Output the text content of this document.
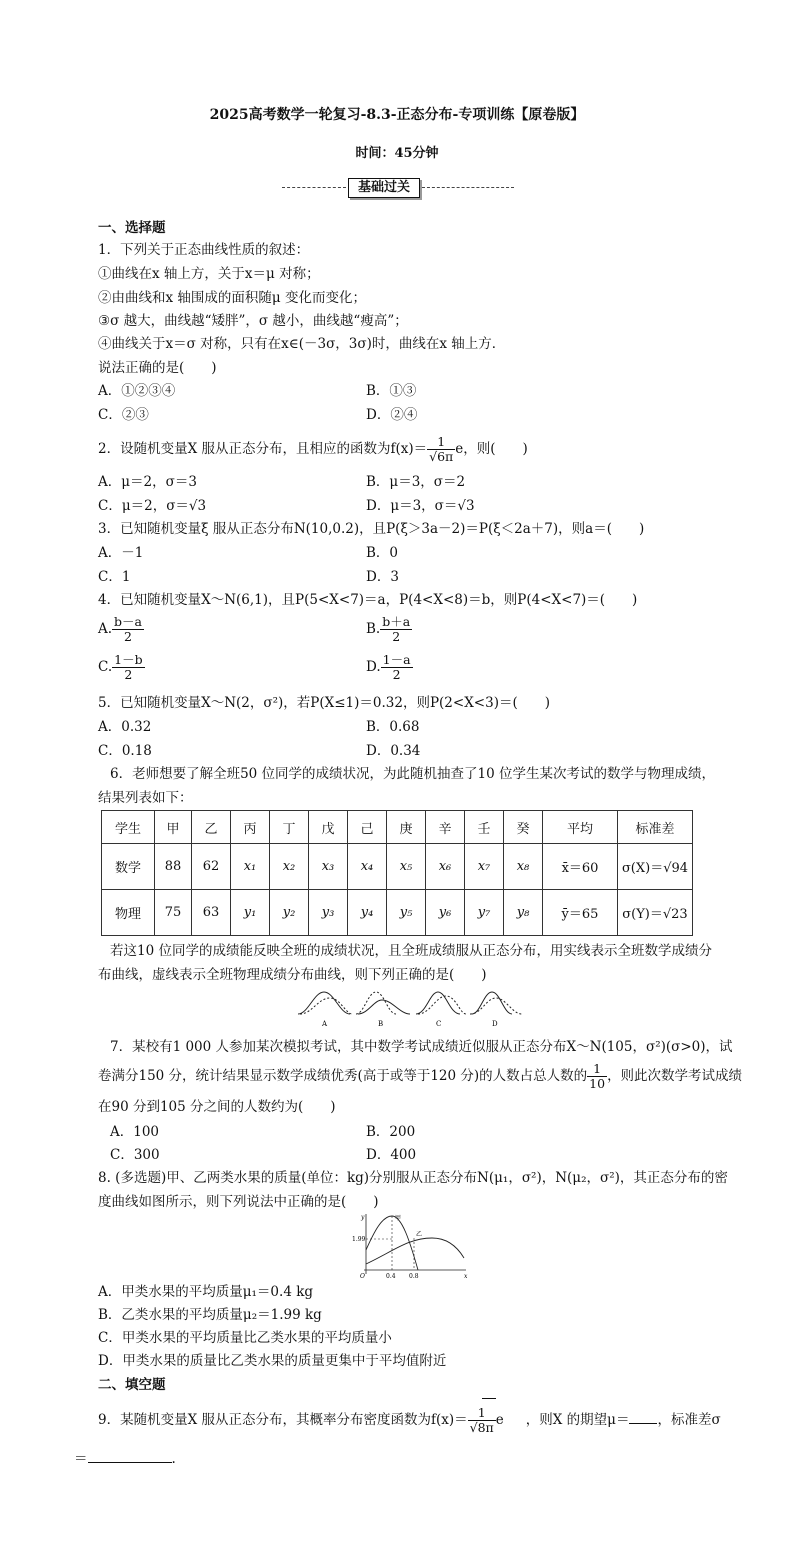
2025高考数学一轮复习-8.3-正态分布-专项训练【原卷版】
时间：45分钟
基础过关
一、选择题
1．下列关于正态曲线性质的叙述：
①曲线在x 轴上方，关于x＝μ 对称；
②由曲线和x 轴围成的面积随μ 变化而变化；
③σ 越大，曲线越“矮胖”，σ 越小，曲线越“瘦高”；
④曲线关于x＝σ 对称，只有在x∈(－3σ，3σ)时，曲线在x 轴上方．
说法正确的是(　　)
A．①②③④	B．①③
C．②③	D．②④
2．设随机变量X 服从正态分布，且相应的函数为$f(x)= \frac{1}{√6\pi}$ e，则(　　)
A．μ＝2，σ＝3	B．μ＝3，σ＝2
C．μ＝2，σ＝√3	D．μ＝3，σ＝√3
3．已知随机变量ξ 服从正态分布N(10,0.2)，且P(ξ＞3a－2)＝P(ξ＜2a＋7)，则a＝(　　)
A．－1	B．0
C．1	D．3
4．已知随机变量X～N(6,1)，且P(5<X<7)＝a，P(4<X<8)＝b，则P(4<X<7)＝(　　)
A. $\frac{b-a}{2}$	B. $\frac{b+a}{2}$
C. $\frac{1-b}{2}$	D. $\frac{1-a}{2}$
5．已知随机变量X～N(2，σ²)，若P(X≤1)＝0.32，则P(2<X<3)＝(　　)
A．0.32	B．0.68
C．0.18	D．0.34
6．老师想要了解全班50 位同学的成绩状况，为此随机抽查了10 位学生某次考试的数学与物理成绩，
结果列表如下：
学生	甲	乙	丙	丁	戊	己	庚	辛	壬	癸	平均	标准差
数学	88	62	x₁	x₂	x₃	x₄	x₅	x₆	x₇	x₈	x̄＝60	σ(X)＝√94
物理	75	63	y₁	y₂	y₃	y₄	y₅	y₆	y₇	y₈	ȳ＝65	σ(Y)＝√23
若这10 位同学的成绩能反映全班的成绩状况，且全班成绩服从正态分布，用实线表示全班数学成绩分
布曲线，虚线表示全班物理成绩分布曲线，则下列正确的是(　　)
A	B	C	D
7．某校有1 000 人参加某次模拟考试，其中数学考试成绩近似服从正态分布X～N(105，σ²)(σ>0)，试
卷满分150 分，统计结果显示数学成绩优秀(高于或等于120 分)的人数占总人数的 $\frac{1}{10}$ ，则此次数学考试成绩
在90 分到105 分之间的人数约为(　　)
A．100	B．200
C．300	D．400
8. (多选题)甲、乙两类水果的质量(单位：kg)分别服从正态分布N(μ₁，σ²)，N(μ₂，σ²)，其正态分布的密
度曲线如图所示，则下列说法中正确的是(　　)
y
x
O
甲
乙
1.99
0.4 0.8
A．甲类水果的平均质量μ₁＝0.4 kg
B．乙类水果的平均质量μ₂＝1.99 kg
C．甲类水果的平均质量比乙类水果的平均质量小
D．甲类水果的质量比乙类水果的质量更集中于平均值附近
二、填空题
9．某随机变量X 服从正态分布，其概率分布密度函数为$f(x)= \frac{1}{√8\pi}$ e ，则X 的期望μ＝ ，标准差σ
＝	.
